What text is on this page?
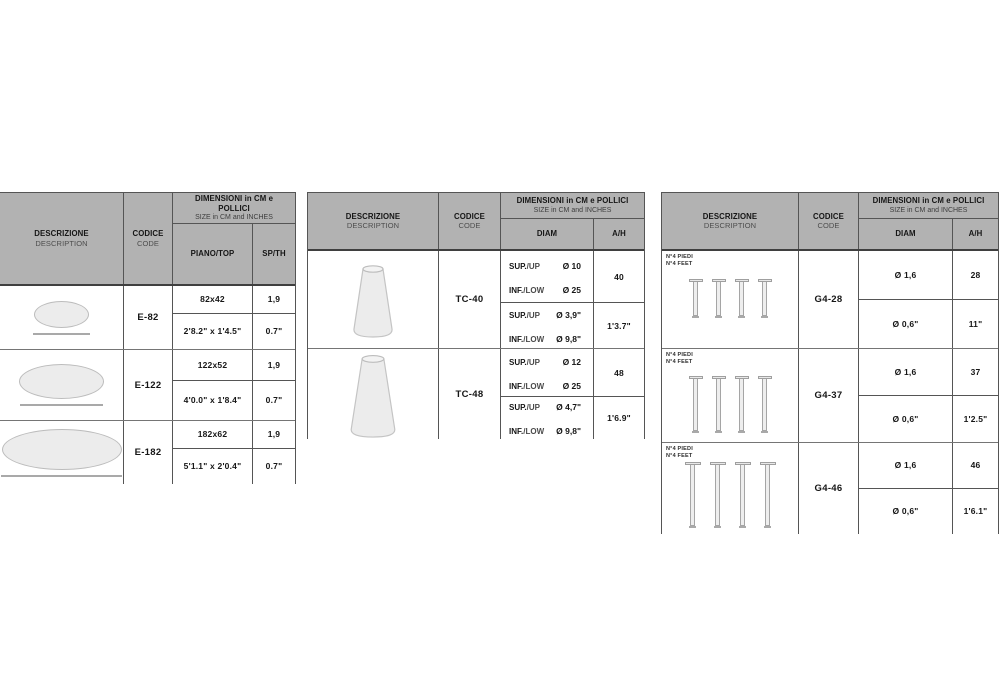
DESCRIZIONE
DESCRIPTION
CODICE
CODE
DIMENSIONI in CM e
POLLICI
SIZE in CM and INCHES
PIANO/TOP	SP/TH
E-82
82x42	1,9
2'8.2" x 1'4.5"	0.7"
E-122
122x52	1,9
4'0.0" x 1'8.4"	0.7"
E-182
182x62	1,9
5'1.1" x 2'0.4"	0.7"
DESCRIZIONE
DESCRIPTION
CODICE
CODE
DIMENSIONI in CM e POLLICI
SIZE in CM and INCHES
DIAM	A/H
TC-40
SUP./UP	Ø 10
INF./LOW Ø 25
40
SUP./UP Ø 3,9"
INF./LOW Ø 9,8"
1'3.7"
TC-48
SUP./UP	Ø 12
INF./LOW Ø 25
48
SUP./UP Ø 4,7"
INF./LOW Ø 9,8"
1'6.9"
DESCRIZIONE
DESCRIPTION
CODICE
CODE
DIMENSIONI in CM e POLLICI
SIZE in CM and INCHES
DIAM	A/H
N°4 PIEDI
N°4 FEET
G4-28
Ø 1,6	28
Ø 0,6"	11"
N°4 PIEDI
N°4 FEET
G4-37
Ø 1,6	37
Ø 0,6"	1'2.5"
N°4 PIEDI
N°4 FEET
G4-46
Ø 1,6	46
Ø 0,6"	1'6.1"
